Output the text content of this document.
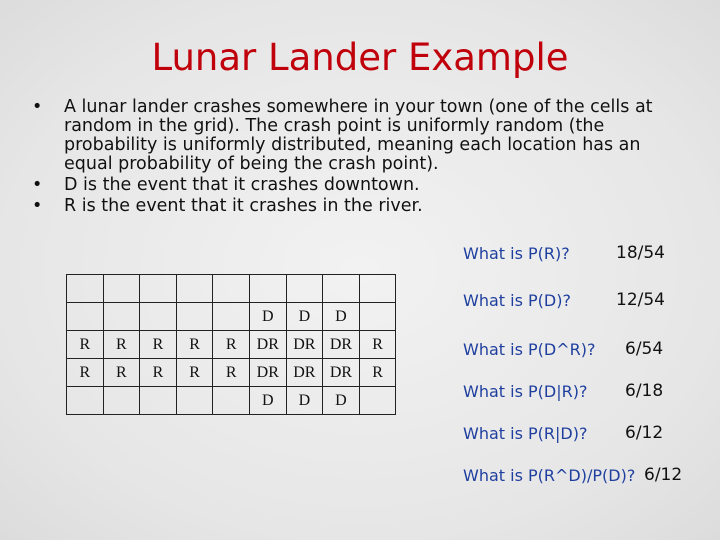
Lunar Lander Example
• A lunar lander crashes somewhere in your town (one of the cells at random in the grid). The crash point is uniformly random (the probability is uniformly distributed, meaning each location has an equal probability of being the crash point).
• D is the event that it crashes downtown.
• R is the event that it crashes in the river.

					D	D	D	
R	R	R	R	R	DR	DR	DR	R
R	R	R	R	R	DR	DR	DR	R
					D	D	D	
What is P(R)?	18/54
What is P(D)?	12/54
What is P(D^R)? 6/54
What is P(D|R)? 6/18
What is P(R|D)? 6/12
What is P(R^D)/P(D)? 6/12
